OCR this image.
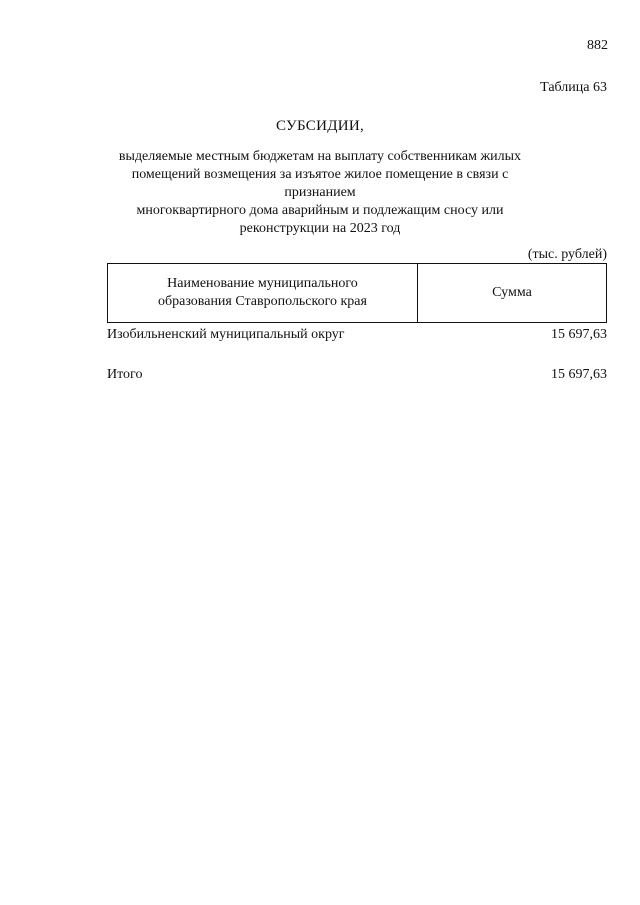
882
Таблица 63
СУБСИДИИ,
выделяемые местным бюджетам на выплату собственникам жилых
помещений возмещения за изъятое жилое помещение в связи с признанием
многоквартирного дома аварийным и подлежащим сносу или
реконструкции на 2023 год
(тыс. рублей)
Наименование муниципального
образования Ставропольского края
Сумма
Изобильненский муниципальный округ	15 697,63
Итого	15 697,63
